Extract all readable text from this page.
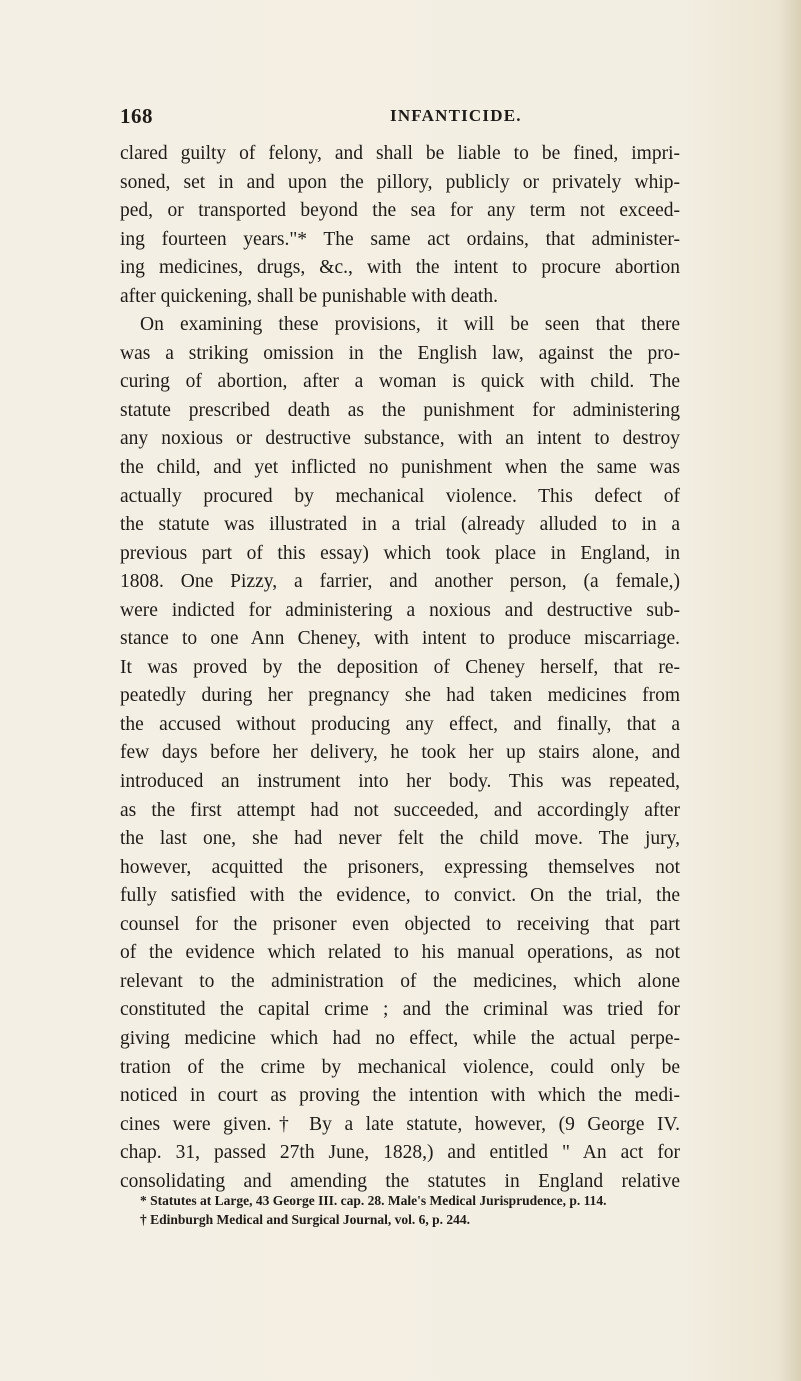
168	INFANTICIDE.
clared guilty of felony, and shall be liable to be fined, impri-
soned, set in and upon the pillory, publicly or privately whip-
ped, or transported beyond the sea for any term not exceed-
ing fourteen years."* The same act ordains, that administer-
ing medicines, drugs, &c., with the intent to procure abortion
after quickening, shall be punishable with death.
On examining these provisions, it will be seen that there
was a striking omission in the English law, against the pro-
curing of abortion, after a woman is quick with child. The
statute prescribed death as the punishment for administering
any noxious or destructive substance, with an intent to destroy
the child, and yet inflicted no punishment when the same was
actually procured by mechanical violence. This defect of
the statute was illustrated in a trial (already alluded to in a
previous part of this essay) which took place in England, in
1808. One Pizzy, a farrier, and another person, (a female,)
were indicted for administering a noxious and destructive sub-
stance to one Ann Cheney, with intent to produce miscarriage.
It was proved by the deposition of Cheney herself, that re-
peatedly during her pregnancy she had taken medicines from
the accused without producing any effect, and finally, that a
few days before her delivery, he took her up stairs alone, and
introduced an instrument into her body. This was repeated,
as the first attempt had not succeeded, and accordingly after
the last one, she had never felt the child move. The jury,
however, acquitted the prisoners, expressing themselves not
fully satisfied with the evidence, to convict. On the trial, the
counsel for the prisoner even objected to receiving that part
of the evidence which related to his manual operations, as not
relevant to the administration of the medicines, which alone
constituted the capital crime ; and the criminal was tried for
giving medicine which had no effect, while the actual perpe-
tration of the crime by mechanical violence, could only be
noticed in court as proving the intention with which the medi-
cines were given.† By a late statute, however, (9 George IV.
chap. 31, passed 27th June, 1828,) and entitled " An act for
consolidating and amending the statutes in England relative
* Statutes at Large, 43 George III. cap. 28. Male's Medical Jurisprudence, p. 114.
† Edinburgh Medical and Surgical Journal, vol. 6, p. 244.
